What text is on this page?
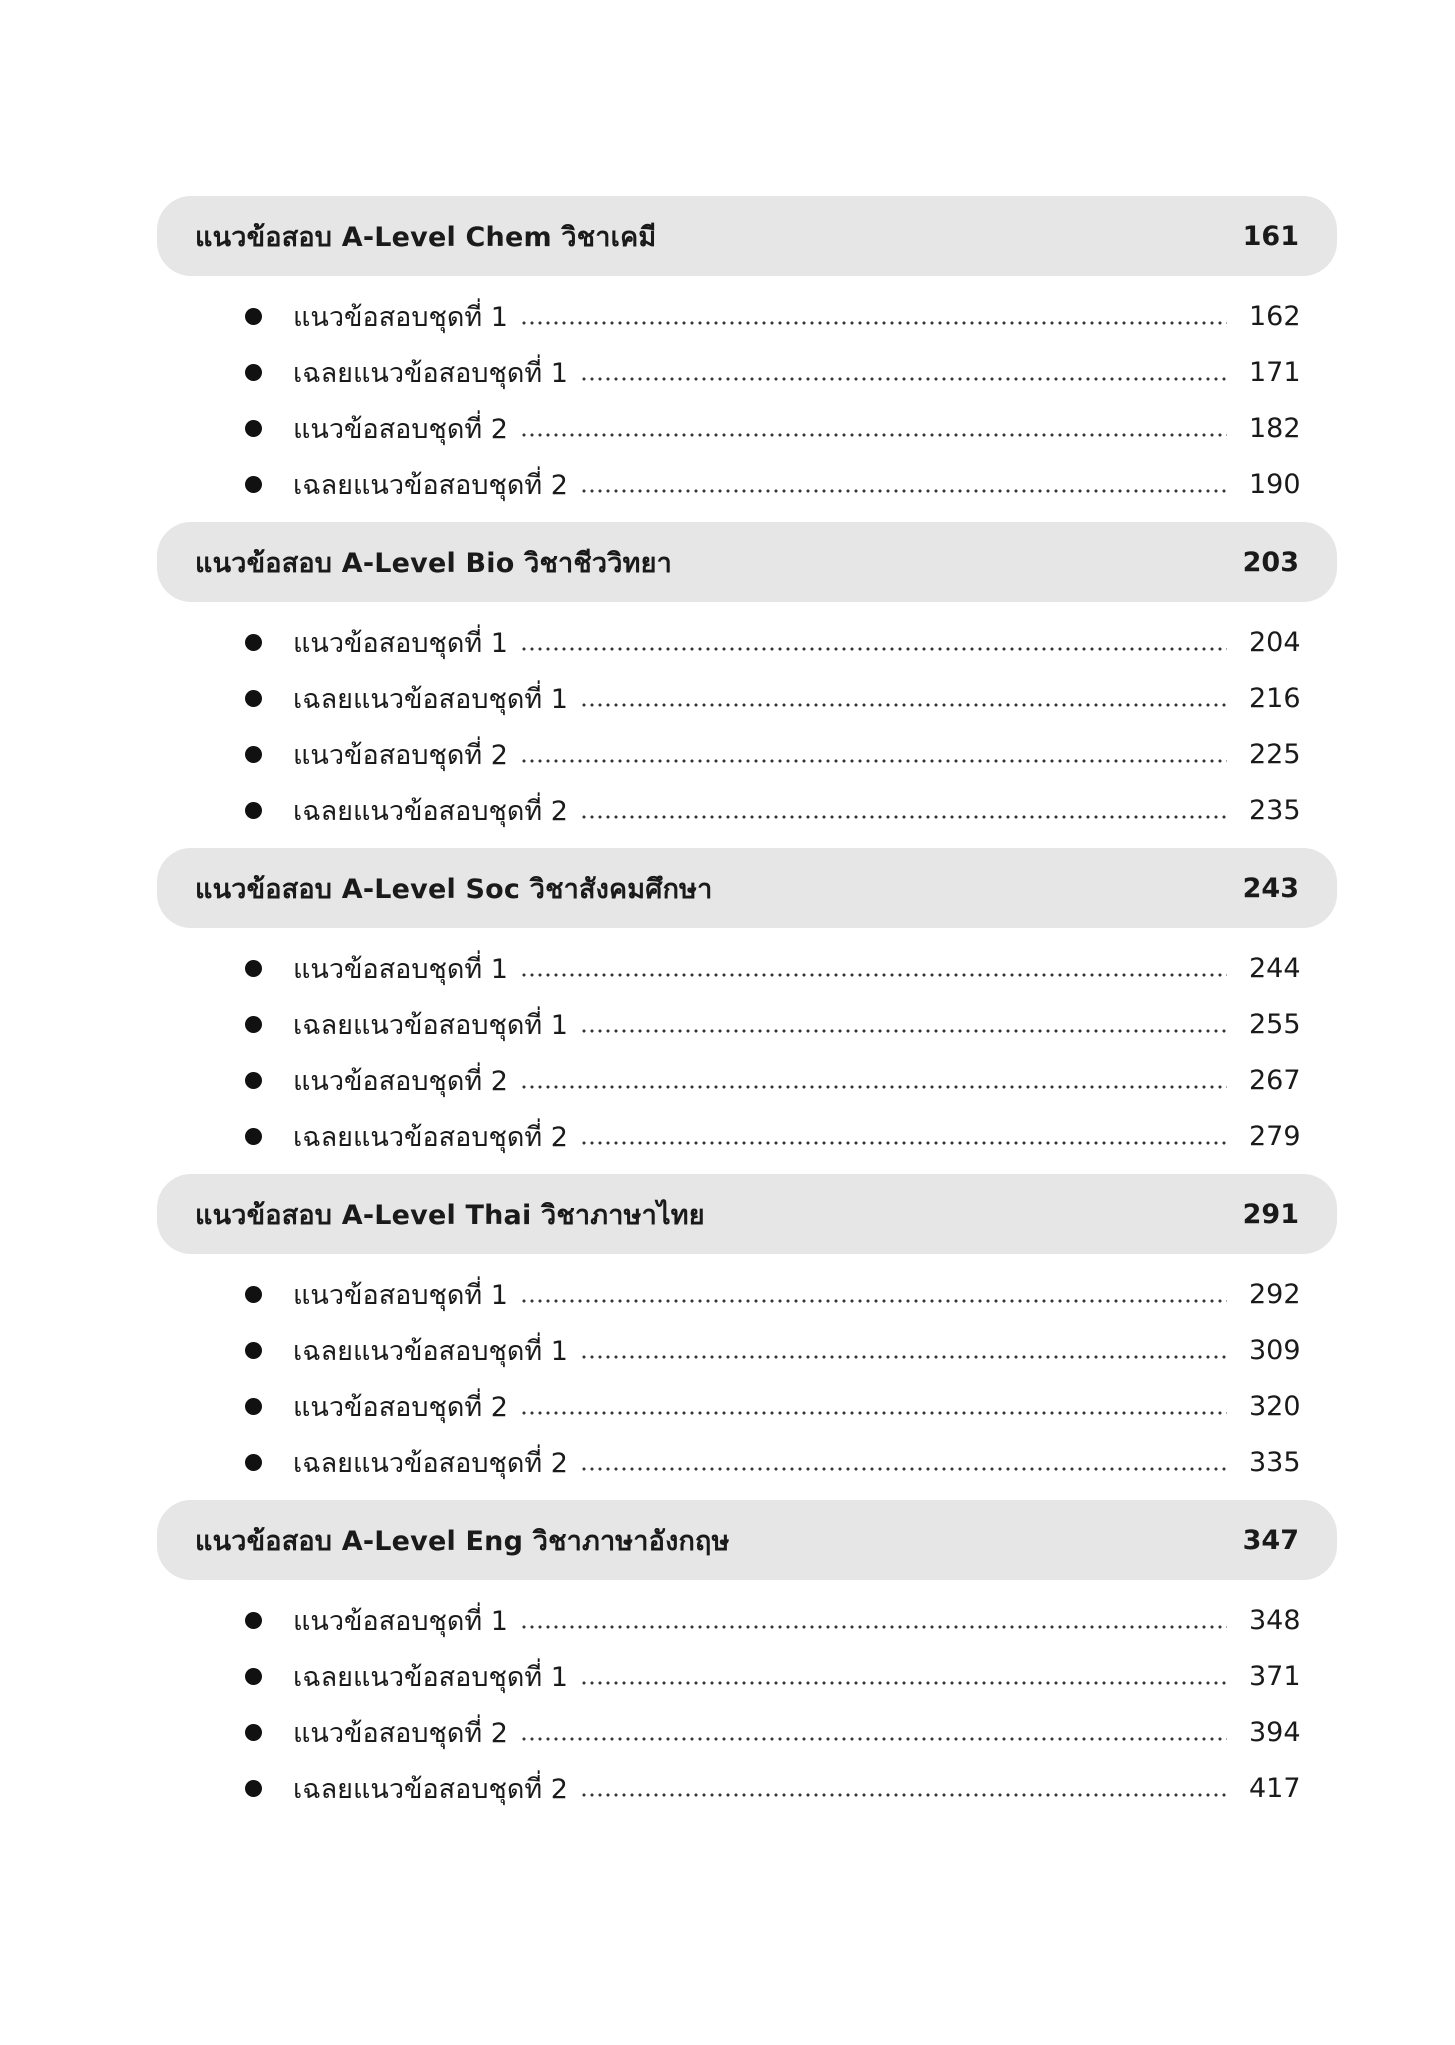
แนวข้อสอบ A-Level Chem วิชาเคมี	161
แนวข้อสอบชุดที่ 1	162
เฉลยแนวข้อสอบชุดที่ 1	171
แนวข้อสอบชุดที่ 2	182
เฉลยแนวข้อสอบชุดที่ 2	190
แนวข้อสอบ A-Level Bio วิชาชีววิทยา	203
แนวข้อสอบชุดที่ 1	204
เฉลยแนวข้อสอบชุดที่ 1	216
แนวข้อสอบชุดที่ 2	225
เฉลยแนวข้อสอบชุดที่ 2	235
แนวข้อสอบ A-Level Soc วิชาสังคมศึกษา	243
แนวข้อสอบชุดที่ 1	244
เฉลยแนวข้อสอบชุดที่ 1	255
แนวข้อสอบชุดที่ 2	267
เฉลยแนวข้อสอบชุดที่ 2	279
แนวข้อสอบ A-Level Thai วิชาภาษาไทย	291
แนวข้อสอบชุดที่ 1	292
เฉลยแนวข้อสอบชุดที่ 1	309
แนวข้อสอบชุดที่ 2	320
เฉลยแนวข้อสอบชุดที่ 2	335
แนวข้อสอบ A-Level Eng วิชาภาษาอังกฤษ	347
แนวข้อสอบชุดที่ 1	348
เฉลยแนวข้อสอบชุดที่ 1	371
แนวข้อสอบชุดที่ 2	394
เฉลยแนวข้อสอบชุดที่ 2	417
